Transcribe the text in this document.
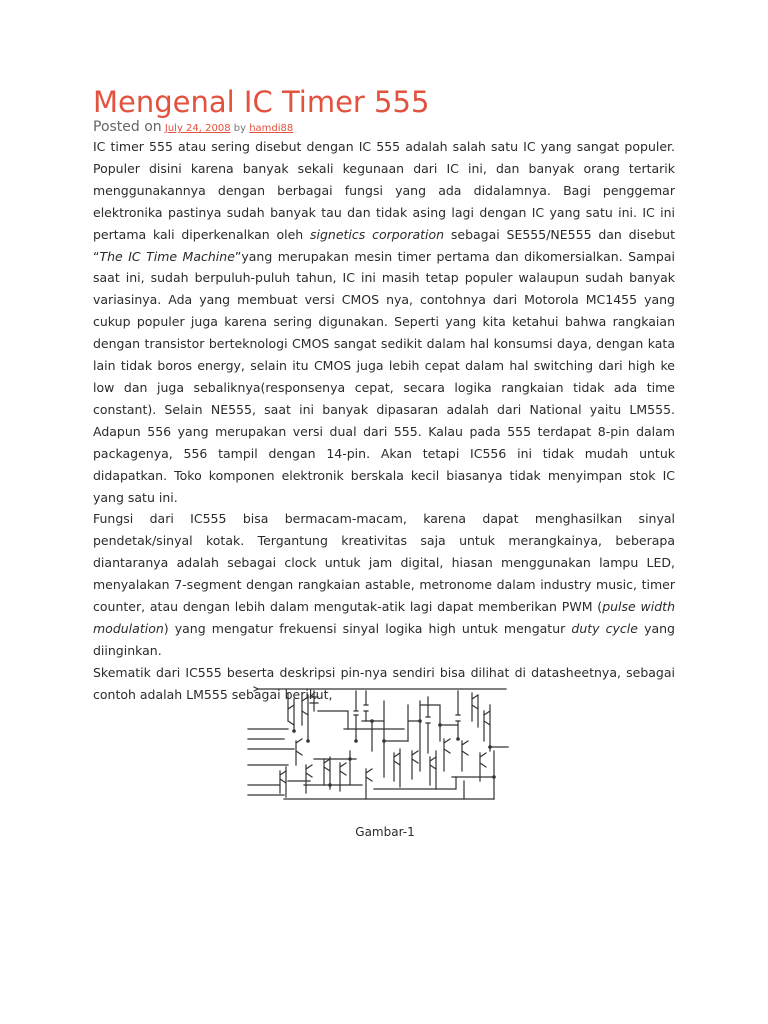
Mengenal IC Timer 555
Posted on July 24, 2008 by hamdi88

IC timer 555 atau sering disebut dengan IC 555 adalah salah satu IC yang sangat populer. Populer disini karena banyak sekali kegunaan dari IC ini, dan banyak orang tertarik menggunakannya dengan berbagai fungsi yang ada didalamnya. Bagi penggemar elektronika pastinya sudah banyak tau dan tidak asing lagi dengan IC yang satu ini. IC ini pertama kali diperkenalkan oleh signetics corporation sebagai SE555/NE555 dan disebut “The IC Time Machine”yang merupakan mesin timer pertama dan dikomersialkan. Sampai saat ini, sudah berpuluh-puluh tahun, IC ini masih tetap populer walaupun sudah banyak variasinya. Ada yang membuat versi CMOS nya, contohnya dari Motorola MC1455 yang cukup populer juga karena sering digunakan. Seperti yang kita ketahui bahwa rangkaian dengan transistor berteknologi CMOS sangat sedikit dalam hal konsumsi daya, dengan kata lain tidak boros energy, selain itu CMOS juga lebih cepat dalam hal switching dari high ke low dan juga sebaliknya(responsenya cepat, secara logika rangkaian tidak ada time constant). Selain NE555, saat ini banyak dipasaran adalah dari National yaitu LM555. Adapun 556 yang merupakan versi dual dari 555. Kalau pada 555 terdapat 8-pin dalam packagenya, 556 tampil dengan 14-pin. Akan tetapi IC556 ini tidak mudah untuk didapatkan. Toko komponen elektronik berskala kecil biasanya tidak menyimpan stok IC yang satu ini.

Fungsi dari IC555 bisa bermacam-macam, karena dapat menghasilkan sinyal pendetak/sinyal kotak. Tergantung kreativitas saja untuk merangkainya, beberapa diantaranya adalah sebagai clock untuk jam digital, hiasan menggunakan lampu LED, menyalakan 7-segment dengan rangkaian astable, metronome dalam industry music, timer counter, atau dengan lebih dalam mengutak-atik lagi dapat memberikan PWM (pulse width modulation) yang mengatur frekuensi sinyal logika high untuk mengatur duty cycle yang diinginkan.

Skematik dari IC555 beserta deskripsi pin-nya sendiri bisa dilihat di datasheetnya, sebagai contoh adalah LM555 sebagai berikut,

Gambar-1
